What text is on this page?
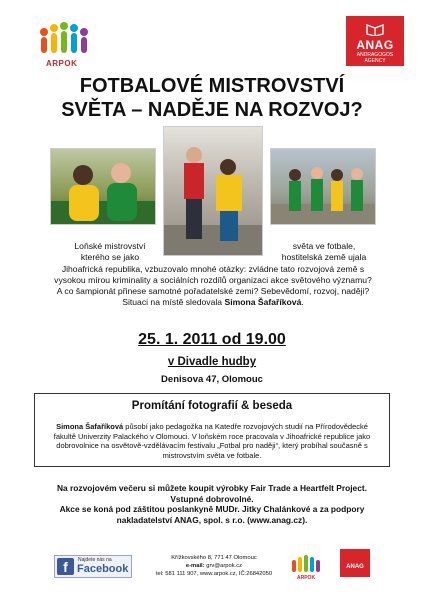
ARPOK
ANAG
ANDRAGOGOS
AGENCY
FOTBALOVÉ MISTROVSTVÍ
SVĚTA – NADĚJE NA ROZVOJ?
Loňské mistrovství
kterého se jako
světa ve fotbale,
hostitelská země ujala
Jihoafrická republika, vzbuzovalo mnohé otázky: zvládne tato rozvojová země s vysokou mírou kriminality a sociálních rozdílů organizaci akce světového významu? A co šampionát přinese samotné pořadatelské zemi? Sebevědomí, rozvoj, naději? Situaci na místě sledovala Simona Šafaříková.
25. 1. 2011 od 19.00
v Divadle hudby
Denisova 47, Olomouc
Promítání fotografií & beseda
Simona Šafaříková působí jako pedagožka na Katedře rozvojových studií na Přírodovědecké fakultě Univerzity Palackého v Olomouci. V loňském roce pracovala v Jihoafrické republice jako dobrovolnice na osvětově-vzdělávacím festivalu „Fotbal pro naději“, který probíhal současně s mistrovstvím světa ve fotbale.
Na rozvojovém večeru si můžete koupit výrobky Fair Trade a Heartfelt Project.
Vstupné dobrovolné.
Akce se koná pod záštitou poslankyně MUDr. Jitky Chalánkové a za podpory nakladatelství ANAG, spol. s r.o. (www.anag.cz).
f	Najdete nás na
Facebook
Křížkovského 8, 771 47 Olomouc
e-mail: grv@arpok.cz
tel: 581 111 907, www.arpok.cz, IČ:26842050
ARPOK
ANAG
